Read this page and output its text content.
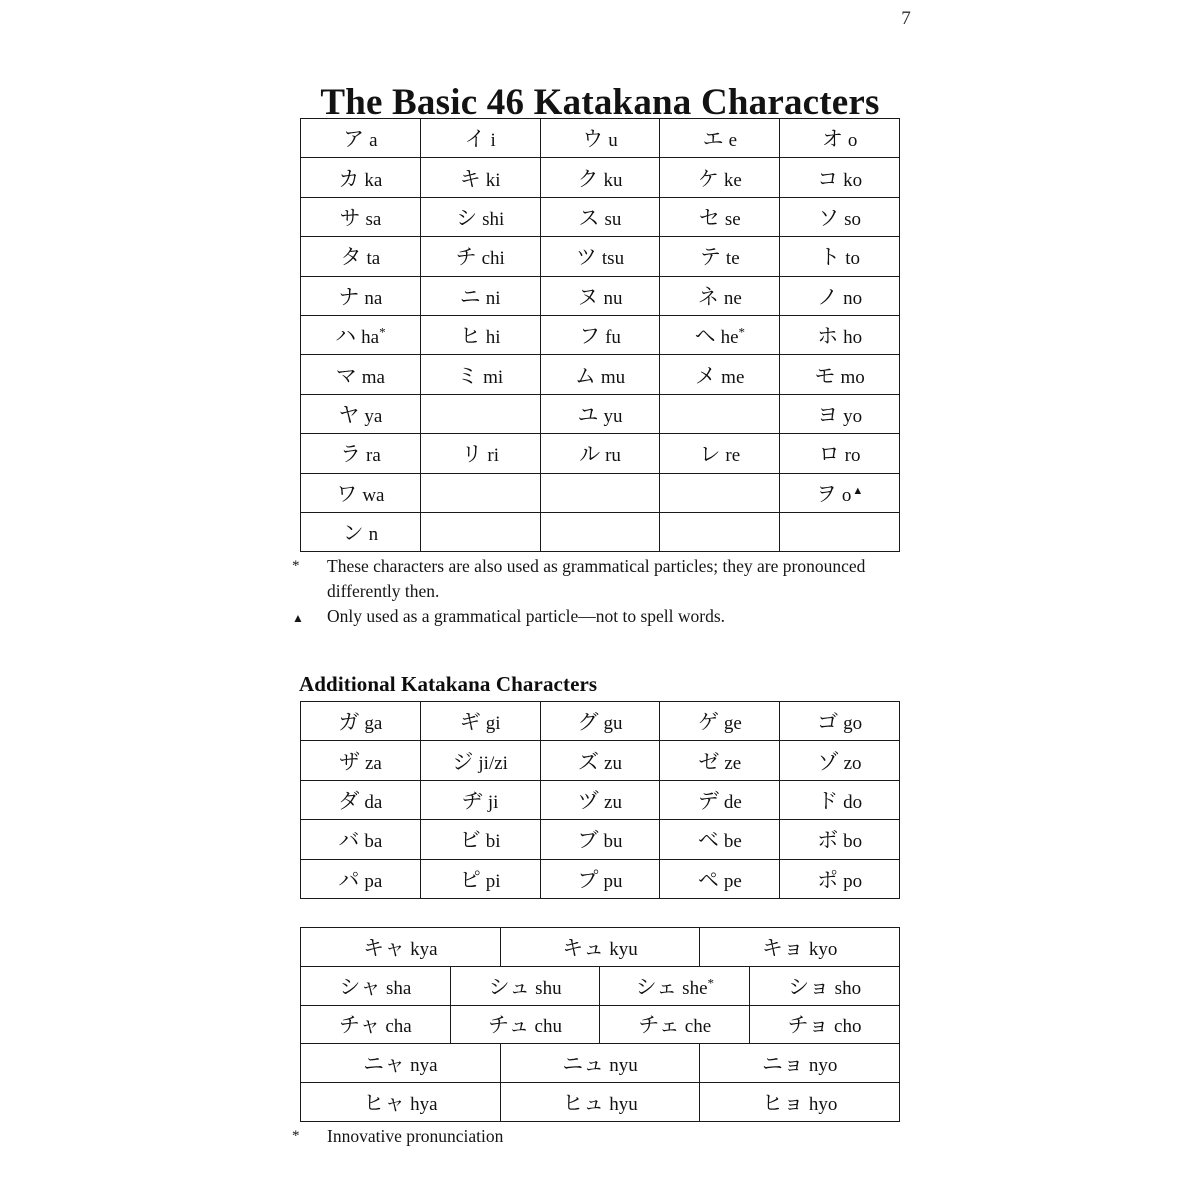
7
The Basic 46 Katakana Characters
ア a	イ i	ウ u	エ e	オ o
カ ka	キ ki	ク ku	ケ ke	コ ko
サ sa	シ shi	ス su	セ se	ソ so
タ ta	チ chi	ツ tsu	テ te	ト to
ナ na	ニ ni	ヌ nu	ネ ne	ノ no
ハ ha*	ヒ hi	フ fu	ヘ he*	ホ ho
マ ma	ミ mi	ム mu	メ me	モ mo
ヤ ya		ユ yu		ヨ yo
ラ ra	リ ri	ル ru	レ re	ロ ro
ワ wa				ヲ o▲
ン n				
*	These characters are also used as grammatical particles; they are pronounced differently then.
▲	Only used as a grammatical particle—not to spell words.
Additional Katakana Characters
ガ ga	ギ gi	グ gu	ゲ ge	ゴ go
ザ za	ジ ji/zi	ズ zu	ゼ ze	ゾ zo
ダ da	ヂ ji	ヅ zu	デ de	ド do
バ ba	ビ bi	ブ bu	ベ be	ボ bo
パ pa	ピ pi	プ pu	ペ pe	ポ po
キャ kya		キュ kyu		キョ kyo	
シャ sha	シュ shu		シェ she*		ショ sho
チャ cha	チュ chu		チェ che		チョ cho
ニャ nya		ニュ nyu		ニョ nyo	
ヒャ hya		ヒュ hyu		ヒョ hyo	
*	Innovative pronunciation
